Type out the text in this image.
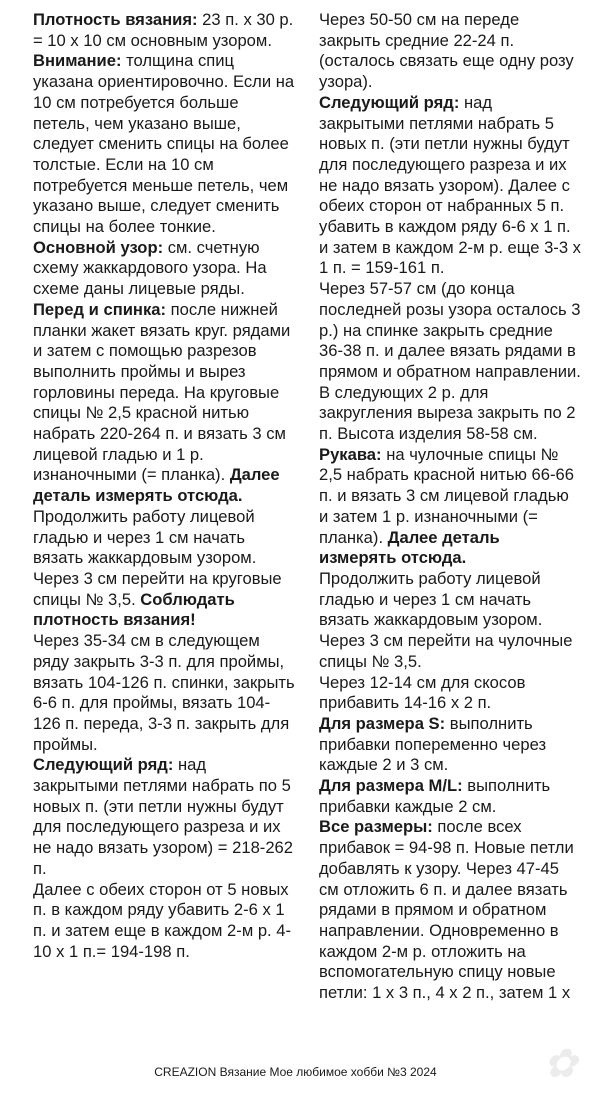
Плотность вязания: 23 п. х 30 р. = 10 х 10 см основным узором.

Внимание: толщина спиц указана ориентировочно. Если на 10 см потребуется больше петель, чем указано выше, следует сменить спицы на более толстые. Если на 10 см потребуется меньше петель, чем указано выше, следует сменить спицы на более тонкие.

Основной узор: см. счетную схему жаккардового узора. На схеме даны лицевые ряды.

Перед и спинка: после нижней планки жакет вязать круг. рядами и затем с помощью разрезов выполнить проймы и вырез горловины переда. На круговые спицы № 2,5 красной нитью набрать 220-264 п. и вязать 3 см лицевой гладью и 1 р. изнаночными (= планка). Далее деталь измерять отсюда.

Продолжить работу лицевой гладью и через 1 см начать вязать жаккардовым узором. Через 3 см перейти на круговые спицы № 3,5. Соблюдать плотность вязания!

Через 35-34 см в следующем ряду закрыть 3-3 п. для проймы, вязать 104-126 п. спинки, закрыть 6-6 п. для проймы, вязать 104-126 п. переда, 3-3 п. закрыть для проймы.

Следующий ряд: над закрытыми петлями набрать по 5 новых п. (эти петли нужны будут для последующего разреза и их не надо вязать узором) = 218-262 п.

Далее с обеих сторон от 5 новых п. в каждом ряду убавить 2-6 х 1 п. и затем еще в каждом 2-м р. 4-10 х 1 п.= 194-198 п.

Через 50-50 см на переде закрыть средние 22-24 п. (осталось связать еще одну розу узора).

Следующий ряд: над закрытыми петлями набрать 5 новых п. (эти петли нужны будут для последующего разреза и их не надо вязать узором). Далее с обеих сторон от набранных 5 п. убавить в каждом ряду 6-6 х 1 п. и затем в каждом 2-м р. еще 3-3 х 1 п. = 159-161 п.

Через 57-57 см (до конца последней розы узора осталось 3 р.) на спинке закрыть средние 36-38 п. и далее вязать рядами в прямом и обратном направлении.

В следующих 2 р. для закругления выреза закрыть по 2 п. Высота изделия 58-58 см.

Рукава: на чулочные спицы № 2,5 набрать красной нитью 66-66 п. и вязать 3 см лицевой гладью и затем 1 р. изнаночными (= планка). Далее деталь измерять отсюда.

Продолжить работу лицевой гладью и через 1 см начать вязать жаккардовым узором. Через 3 см перейти на чулочные спицы № 3,5.

Через 12-14 см для скосов прибавить 14-16 х 2 п.

Для размера S: выполнить прибавки попеременно через каждые 2 и 3 см.

Для размера M/L: выполнить прибавки каждые 2 см.

Все размеры: после всех прибавок = 94-98 п. Новые петли добавлять к узору. Через 47-45 см отложить 6 п. и далее вязать рядами в прямом и обратном направлении. Одновременно в каждом 2-м р. отложить на вспомогательную спицу новые петли: 1 х 3 п., 4 х 2 п., затем 1 х

✿
CREAZION Вязание Мое любимое хобби №3 2024
